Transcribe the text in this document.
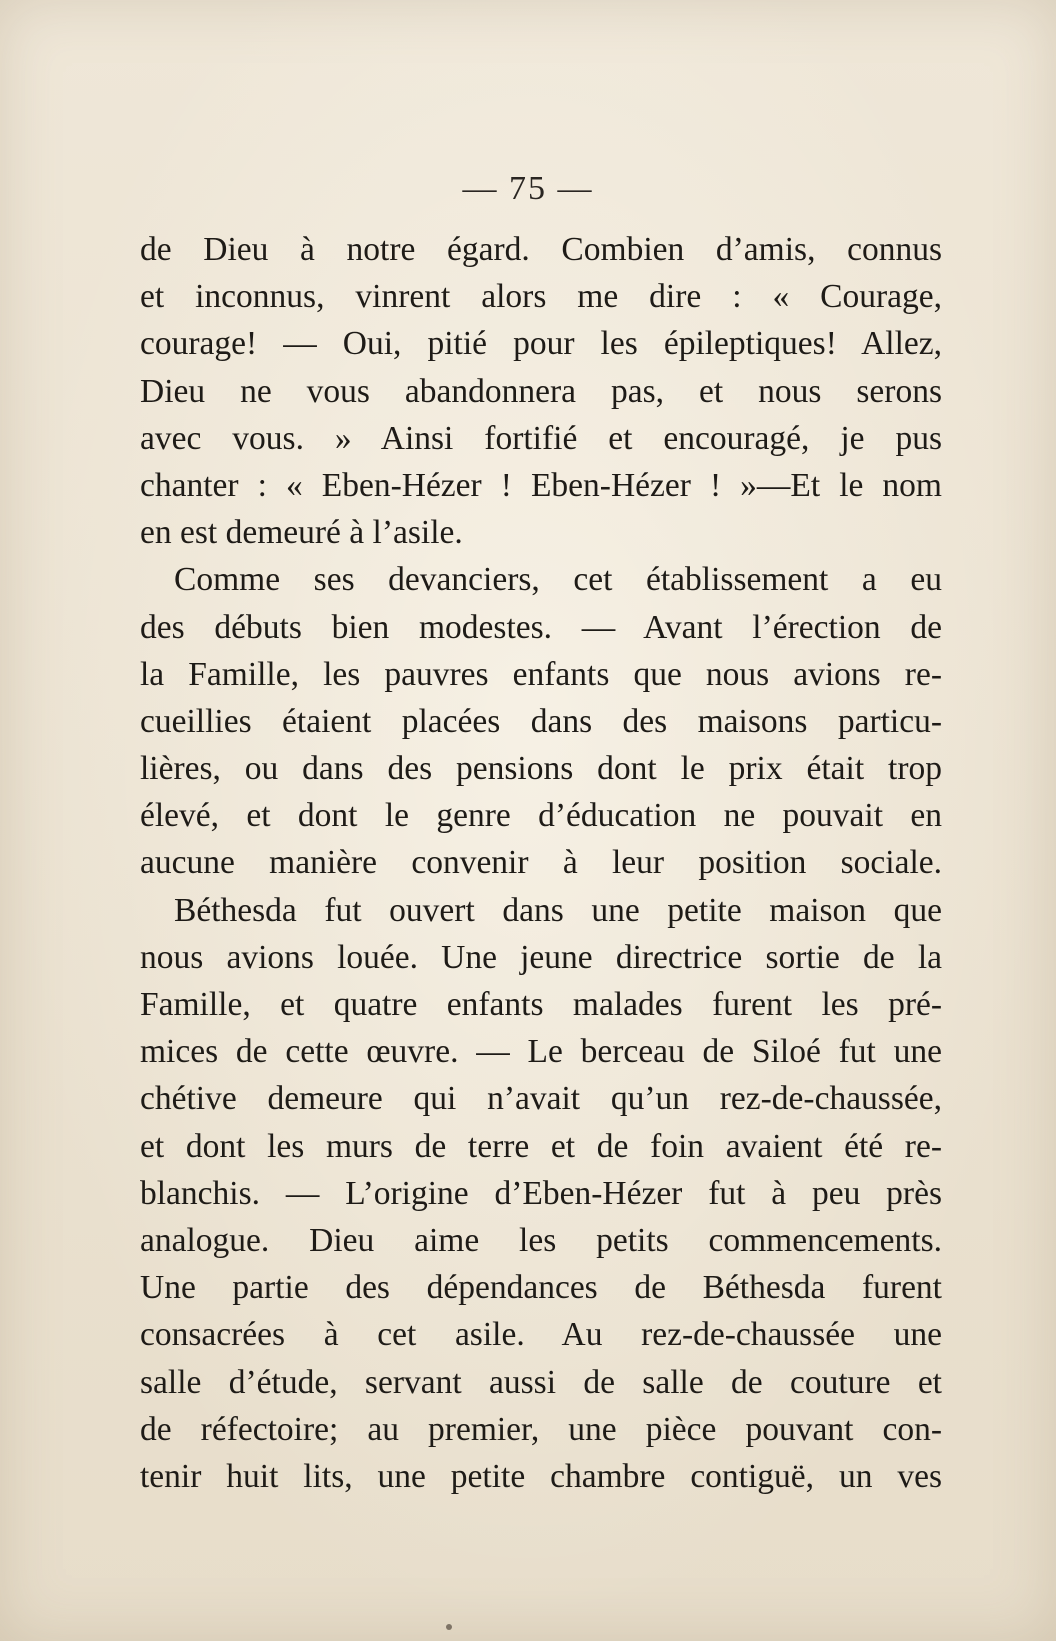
— 75 —
de Dieu à notre égard. Combien d’amis, connus
et inconnus, vinrent alors me dire : « Courage,
courage! — Oui, pitié pour les épileptiques! Allez,
Dieu ne vous abandonnera pas, et nous serons
avec vous. » Ainsi fortifié et encouragé, je pus
chanter : « Eben-Hézer ! Eben-Hézer ! »—Et le nom
en est demeuré à l’asile.
Comme ses devanciers, cet établissement a eu
des débuts bien modestes. — Avant l’érection de
la Famille, les pauvres enfants que nous avions re-
cueillies étaient placées dans des maisons particu-
lières, ou dans des pensions dont le prix était trop
élevé, et dont le genre d’éducation ne pouvait en
aucune manière convenir à leur position sociale.
Béthesda fut ouvert dans une petite maison que
nous avions louée. Une jeune directrice sortie de la
Famille, et quatre enfants malades furent les pré-
mices de cette œuvre. — Le berceau de Siloé fut une
chétive demeure qui n’avait qu’un rez-de-chaussée,
et dont les murs de terre et de foin avaient été re-
blanchis. — L’origine d’Eben-Hézer fut à peu près
analogue. Dieu aime les petits commencements.
Une partie des dépendances de Béthesda furent
consacrées à cet asile. Au rez-de-chaussée une
salle d’étude, servant aussi de salle de couture et
de réfectoire; au premier, une pièce pouvant con-
tenir huit lits, une petite chambre contiguë, un ves
